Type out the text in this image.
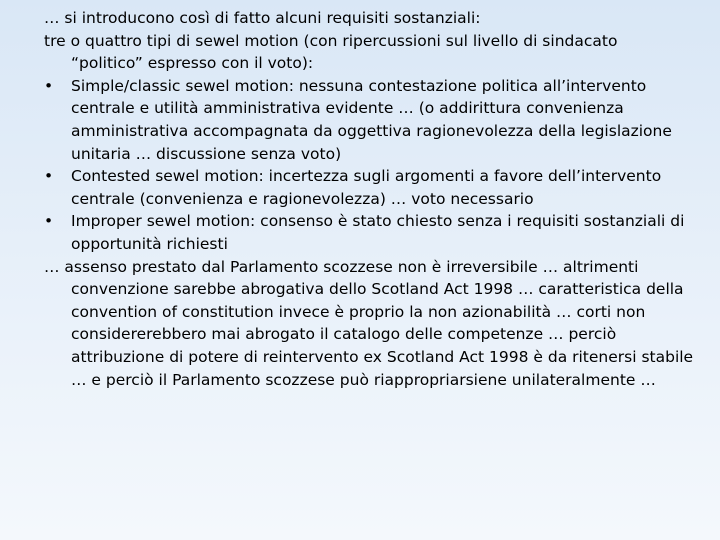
… si introducono così di fatto alcuni requisiti sostanziali:

tre o quattro tipi di sewel motion (con ripercussioni sul livello di sindacato “politico” espresso con il voto):

•	Simple/classic sewel motion: nessuna contestazione politica all’intervento centrale e utilità amministrativa evidente … (o addirittura convenienza amministrativa accompagnata da oggettiva ragionevolezza della legislazione unitaria … discussione senza voto)
•	Contested sewel motion: incertezza sugli argomenti a favore dell’intervento centrale (convenienza e ragionevolezza) … voto necessario
•	Improper sewel motion: consenso è stato chiesto senza i requisiti sostanziali di opportunità richiesti

… assenso prestato dal Parlamento scozzese non è irreversibile … altrimenti convenzione sarebbe abrogativa dello Scotland Act 1998 … caratteristica della convention of constitution invece è proprio la non azionabilità … corti non considererebbero mai abrogato il catalogo delle competenze … perciò attribuzione di potere di reintervento ex Scotland Act 1998 è da ritenersi stabile … e perciò il Parlamento scozzese può riappropriarsiene unilateralmente …
